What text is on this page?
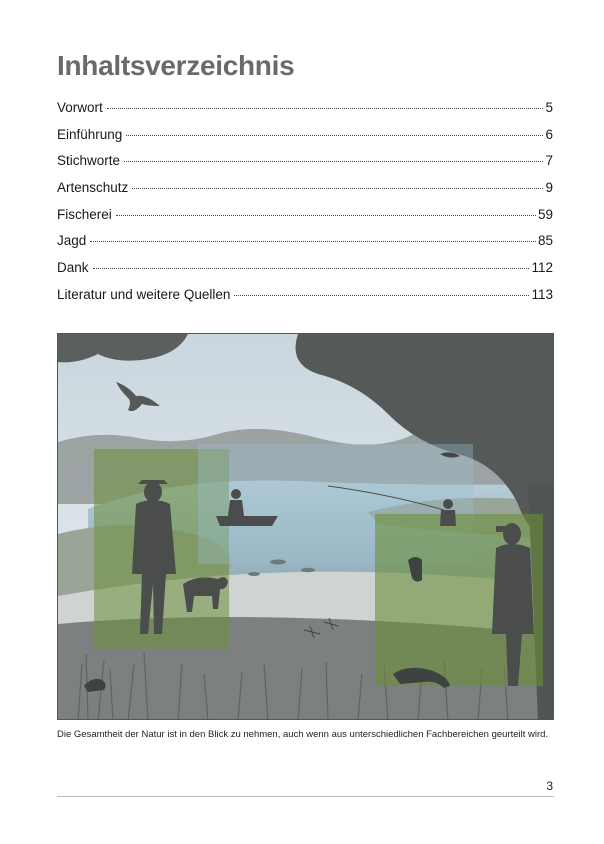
Inhaltsverzeichnis
Vorwort	5
Einführung	6
Stichworte	7
Artenschutz	9
Fischerei	59
Jagd	85
Dank	112
Literatur und weitere Quellen	113

Die Gesamtheit der Natur ist in den Blick zu nehmen, auch wenn aus unterschiedlichen Fachbereichen geurteilt wird.

3
